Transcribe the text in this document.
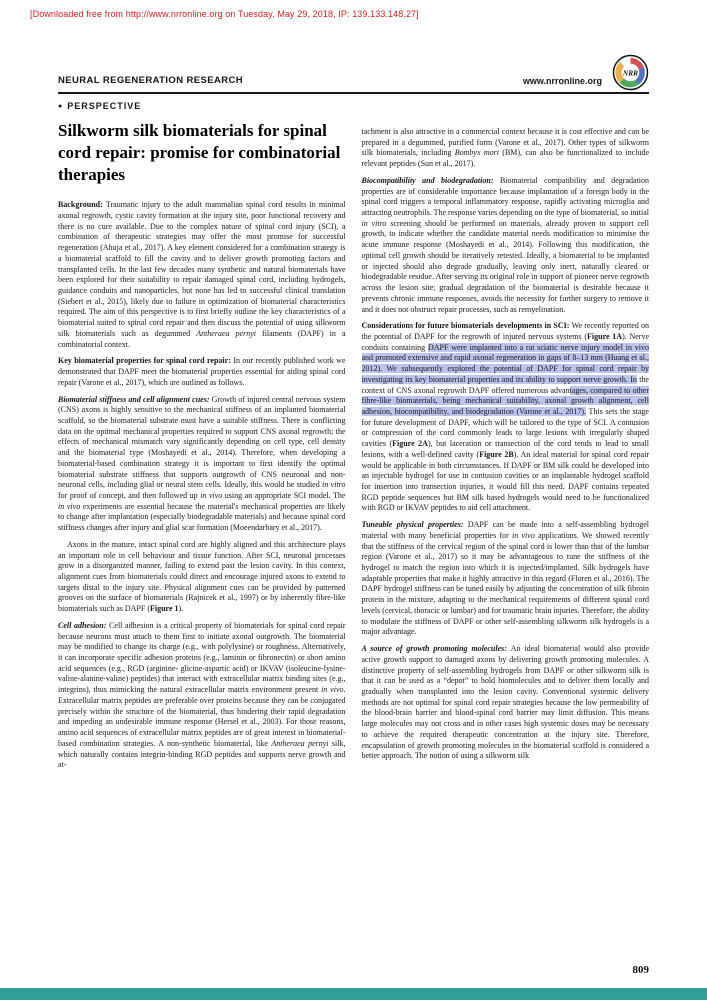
[Downloaded free from http://www.nrronline.org on Tuesday, May 29, 2018, IP: 139.133.148.27]
NEURAL REGENERATION RESEARCH	www.nrronline.org
NRR
● PERSPECTIVE
Silkworm silk biomaterials for spinal cord repair: promise for combinatorial therapies

Background: Traumatic injury to the adult mammalian spinal cord results in minimal axonal regrowth, cystic cavity formation at the injury site, poor functional recovery and there is no cure available. Due to the complex nature of spinal cord injury (SCI), a combination of therapeutic strategies may offer the most promise for successful regeneration (Ahuja et al., 2017). A key element considered for a combination strategy is a biomaterial scaffold to fill the cavity and to deliver growth promoting factors and transplanted cells. In the last few decades many synthetic and natural biomaterials have been explored for their suitability to repair damaged spinal cord, including hydrogels, guidance conduits and nanoparticles, but none has led to successful clinical translation (Siebert et al., 2015), likely due to failure in optimization of biomaterial characteristics required. The aim of this perspective is to first briefly outline the key characteristics of a biomaterial suited to spinal cord repair and then discuss the potential of using silkworm silk biomaterials such as degummed Antheraea pernyi filaments (DAPF) in a combinatorial context.

Key biomaterial properties for spinal cord repair: In our recently published work we demonstrated that DAPF meet the biomaterial properties essential for aiding spinal cord repair (Varone et al., 2017), which are outlined as follows.

Biomaterial stiffness and cell alignment cues: Growth of injured central nervous system (CNS) axons is highly sensitive to the mechanical stiffness of an implanted biomaterial scaffold, so the biomaterial substrate must have a suitable stiffness. There is conflicting data on the optimal mechanical properties required to support CNS axonal regrowth; the effects of mechanical mismatch vary significantly depending on cell type, cell density and the biomaterial type (Moshayedi et al., 2014). Therefore, when developing a biomaterial-based combination strategy it is important to first identify the optimal biomaterial substrate stiffness that supports outgrowth of CNS neuronal and non-neuronal cells, including glial or neural stem cells. Ideally, this would be studied in vitro for proof of concept, and then followed up in vivo using an appropriate SCI model. The in vivo experiments are essential because the material's mechanical properties are likely to change after implantation (especially biodegradable materials) and because spinal cord stiffness changes after injury and glial scar formation (Moeendarbary et al., 2017).

Axons in the mature, intact spinal cord are highly aligned and this architecture plays an important role in cell behaviour and tissue function. After SCI, neuronal processes grow in a disorganized manner, failing to extend past the lesion cavity. In this context, alignment cues from biomaterials could direct and encourage injured axons to extend to targets distal to the injury site. Physical alignment cues can be provided by patterned grooves on the surface of biomaterials (Rajnicek et al., 1997) or by inherently fibre-like biomaterials such as DAPF (Figure 1).

Cell adhesion: Cell adhesion is a critical property of biomaterials for spinal cord repair because neurons must attach to them first to initiate axonal outgrowth. The biomaterial may be modified to change its charge (e.g., with polylysine) or roughness. Alternatively, it can incorporate specific adhesion proteins (e.g., laminin or fibronectin) or short amino acid sequences (e.g., RGD (arginine- glicine-aspartic acid) or IKVAV (isoleucine-lysine-valine-alanine-valine) peptides) that interact with extracellular matrix binding sites (e.g., integrins), thus mimicking the natural extracellular matrix environment present in vivo. Extracellular matrix peptides are preferable over proteins because they can be conjugated precisely within the structure of the biomaterial, thus hindering their rapid degradation and impeding an undesirable immune response (Hersel et al., 2003). For those reasons, amino acid sequences of extracellular matrix peptides are of great interest in biomaterial-based combination strategies. A non-synthetic biomaterial, like Antheraea pernyi silk, which naturally contains integrin-binding RGD peptides and supports nerve growth and at-

tachment is also attractive in a commercial context because it is cost effective and can be prepared in a degummed, purified form (Varone et al., 2017). Other types of silkworm silk biomaterials, including Bombyx mori (BM), can also be functionalized to include relevant peptides (Sun et al., 2017).

Biocompatibility and biodegradation: Biomaterial compatibility and degradation properties are of considerable importance because implantation of a foreign body in the spinal cord triggers a temporal inflammatory response, rapidly activating microglia and attracting neutrophils. The response varies depending on the type of biomaterial, so initial in vitro screening should be performed on materials, already proven to support cell growth, to indicate whether the candidate material needs modification to minimise the acute immune response (Moshayedi et al., 2014). Following this modification, the optimal cell growth should be iteratively retested. Ideally, a biomaterial to be implanted or injected should also degrade gradually, leaving only inert, naturally cleared or biodegradable residue. After serving its original role in support of pioneer nerve regrowth across the lesion site; gradual degradation of the biomaterial is desirable because it prevents chronic immune responses, avoids the necessity for further surgery to remove it and it does not obstruct repair processes, such as remyelination.

Considerations for future biomaterials developments in SCI: We recently reported on the potential of DAPF for the regrowth of injured nervous systems (Figure 1A). Nerve conduits containing DAPF were implanted into a rat sciatic nerve injury model in vivo and promoted extensive and rapid axonal regeneration in gaps of 8–13 mm (Huang et al., 2012). We subsequently explored the potential of DAPF for spinal cord repair by investigating its key biomaterial properties and its ability to support nerve growth. In the context of CNS axonal regrowth DAPF offered numerous advantages, compared to other fibre-like biomaterials, being mechanical suitability, axonal growth alignment, cell adhesion, biocompatibility, and biodegradation (Varone et al., 2017). This sets the stage for future development of DAPF, which will be tailored to the type of SCI. A contusion or compression of the cord commonly leads to large lesions with irregularly shaped cavities (Figure 2A), but laceration or transection of the cord tends to lead to small lesions, with a well-defined cavity (Figure 2B). An ideal material for spinal cord repair would be applicable in both circumstances. If DAPF or BM silk could be developed into an injectable hydrogel for use in contusion cavities or an implantable hydrogel scaffold for insertion into transection injuries, it would fill this need. DAPF contains repeated RGD peptide sequences but BM silk based hydrogels would need to be functionalized with RGD or IKVAV peptides to aid cell attachment.

Tuneable physical properties: DAPF can be made into a self-assembling hydrogel material with many beneficial properties for in vivo applications. We showed recently that the stiffness of the cervical region of the spinal cord is lower than that of the lumbar region (Varone et al., 2017) so it may be advantageous to tune the stiffness of the hydrogel to match the region into which it is injected/implanted. Silk hydrogels have adaptable properties that make it highly attractive in this regard (Floren et al., 2016). The DAPF hydrogel stiffness can be tuned easily by adjusting the concentration of silk fibroin protein in the mixture, adapting to the mechanical requirements of different spinal cord levels (cervical, thoracic or lumbar) and for traumatic brain injuries. Therefore, the ability to modulate the stiffness of DAPF or other self-assembling silkworm silk hydrogels is a major advantage.

A source of growth promoting molecules: An ideal biomaterial would also provide active growth support to damaged axons by delivering growth promoting molecules. A distinctive property of self-assembling hydrogels from DAPF or other silkworm silk is that it can be used as a “depot” to hold biomolecules and to deliver them locally and gradually when transplanted into the lesion cavity. Conventional systemic delivery methods are not optimal for spinal cord repair strategies because the low permeability of the blood-brain barrier and blood-spinal cord barrier may limit diffusion. This means large molecules may not cross and in other cases high systemic doses may be necessary to achieve the required therapeutic concentration at the injury site. Therefore, encapsulation of growth promoting molecules in the biomaterial scaffold is considered a better approach. The notion of using a silkworm silk

809
